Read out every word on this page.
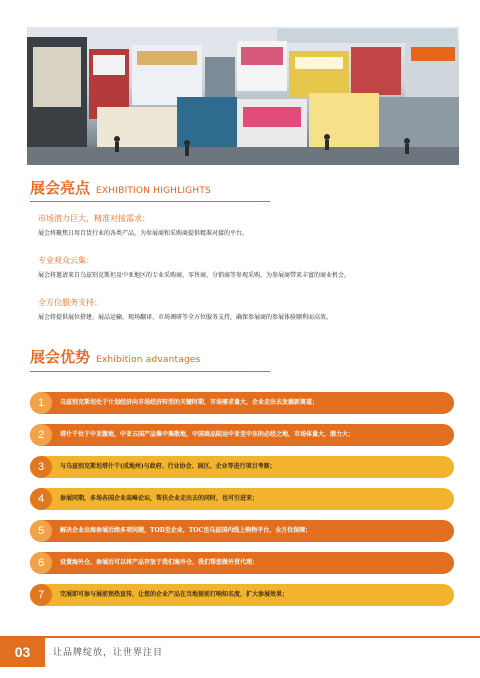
展会亮点 EXHIBITION HIGHLIGHTS
市场潜力巨大，精准对接需求：
展会将聚焦日用百货行业的各类产品，为参展商和采购商提供精准对接的平台。
专业观众云集：
展会将邀请来自乌兹别克斯坦及中亚地区的专业采购商、零售商、分销商等参观采购，为参展商带来丰富的商业机会。
全方位服务支持：
展会将提供展位搭建、展品运输、现场翻译、市场调研等全方位服务支持，确保参展商的参展体验顺利而高效。
展会优势 Exhibition advantages
1	乌兹别克斯坦处于计划经济向市场经济转型的关键时期，市场需求量大，企业走出去发掘新赛道；
2	塔什干位于中亚腹地，中亚五国产品集中集散地，中国商品陆运中亚至中东的必经之地，市场体量大，潜力大；
3	与乌兹别克斯坦塔什干(成地州)与政府、行业协会、园区、企业等进行项目考察；
4	参展同期，多场各国企业高峰论坛，帮扶企业走出去的同时，也可引进来；
5	解决企业出海参展后续多项问题，TOB至企业，TOC至乌兹国内线上购物平台，全方位保障；
6	设置海外仓，参展后可以将产品存放于我们海外仓，我们帮您做外贸代理；
7	完展即可参与展前预热宣传，让您的企业产品在当地提前打响知名度，扩大参展效果；
03	让品牌绽放，让世界注目
